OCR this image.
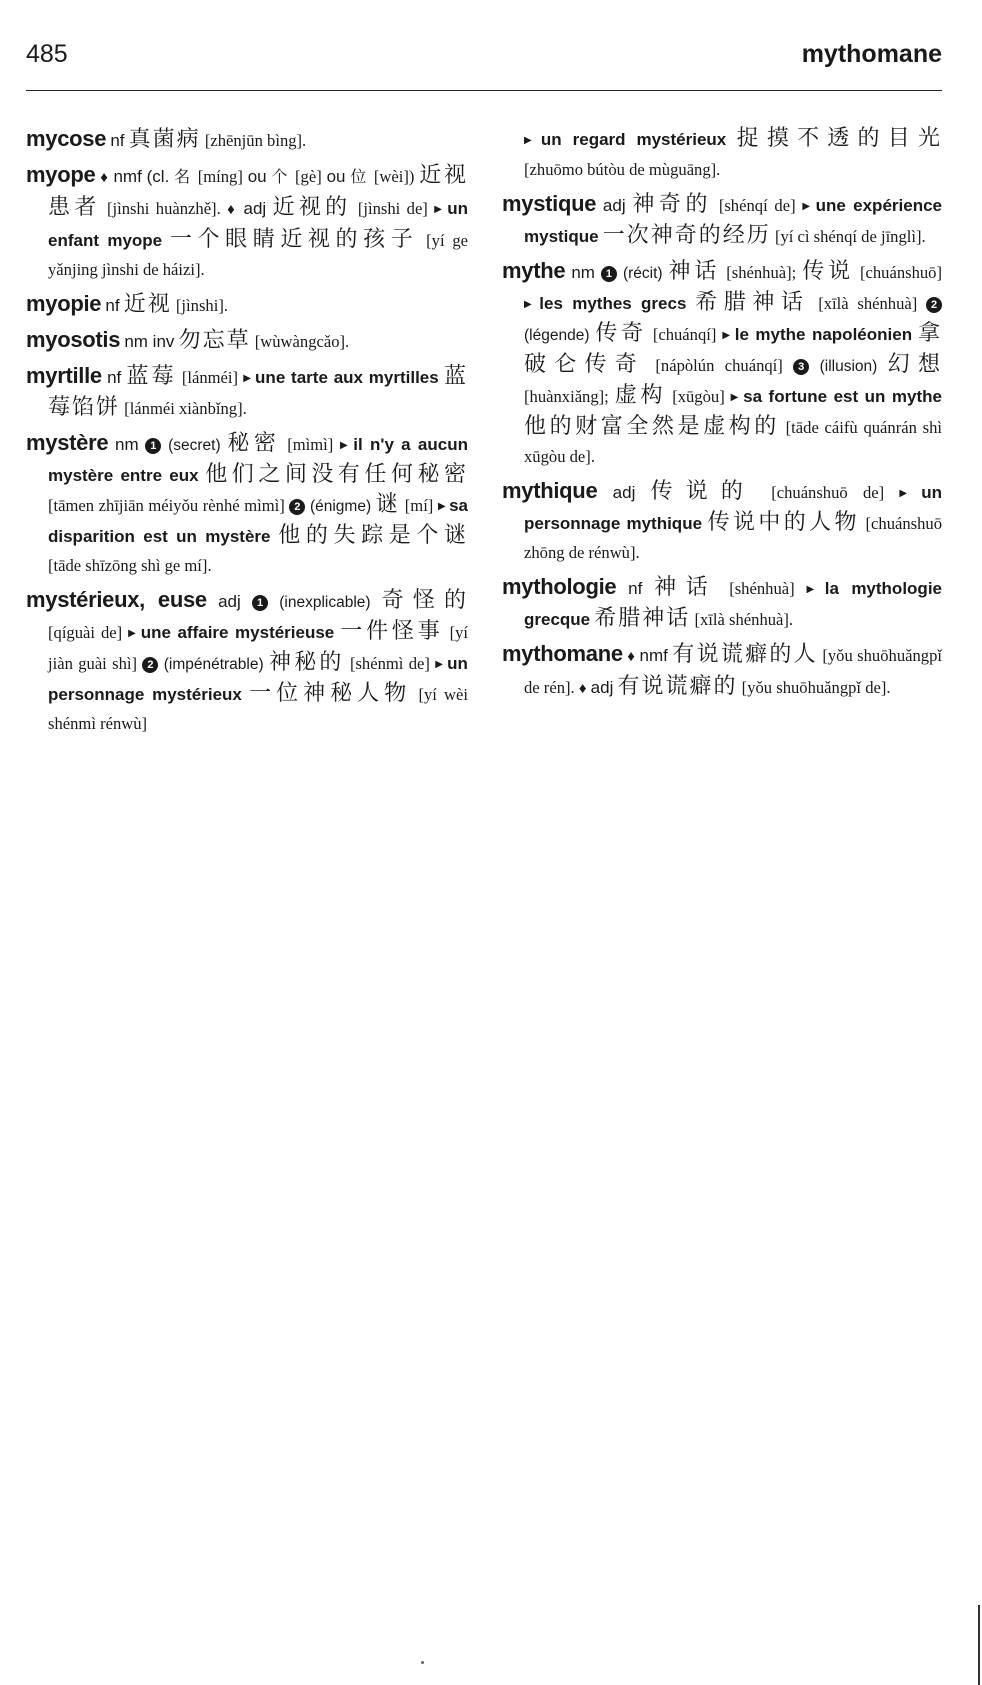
485	mythomane

mycose nf 真菌病 [zhēnjūn bìng].

myope ♦ nmf (cl. 名 [míng] ou 个 [gè] ou 位 [wèi]) 近视患者 [jìnshi huànzhě]. ♦ adj 近视的 [jìnshi de] ▶ un enfant myope 一个眼睛近视的孩子 [yí ge yǎnjing jìnshi de háizi].

myopie nf 近视 [jìnshi].

myosotis nm inv 勿忘草 [wùwàngcǎo].

myrtille nf 蓝莓 [lánméi] ▶ une tarte aux myrtilles 蓝莓馅饼 [lánméi xiànbǐng].

mystère nm 1 (secret) 秘密 [mìmì] ▶ il n'y a aucun mystère entre eux 他们之间没有任何秘密 [tāmen zhījiān méiyǒu rènhé mìmì] 2 (énigme) 谜 [mí] ▶ sa disparition est un mystère 他的失踪是个谜 [tāde shīzōng shì ge mí].

mystérieux, euse adj 1 (inexplicable) 奇怪的 [qíguài de] ▶ une affaire mystérieuse 一件怪事 [yí jiàn guài shì] 2 (impénétrable) 神秘的 [shénmì de] ▶ un personnage mystérieux 一位神秘人物 [yí wèi shénmì rénwù]

▶ un regard mystérieux 捉摸不透的目光 [zhuōmo bútòu de mùguāng].

mystique adj 神奇的 [shénqí de] ▶ une expérience mystique 一次神奇的经历 [yí cì shénqí de jīnglì].

mythe nm 1 (récit) 神话 [shénhuà]; 传说 [chuánshuō] ▶ les mythes grecs 希腊神话 [xīlà shénhuà] 2 (légende) 传奇 [chuánqí] ▶ le mythe napoléonien 拿破仑传奇 [nápòlún chuánqí] 3 (illusion) 幻想 [huànxiǎng]; 虚构 [xūgòu] ▶ sa fortune est un mythe 他的财富全然是虚构的 [tāde cáifù quánrán shì xūgòu de].

mythique adj 传说的 [chuánshuō de] ▶ un personnage mythique 传说中的人物 [chuánshuō zhōng de rénwù].

mythologie nf 神话 [shénhuà] ▶ la mythologie grecque 希腊神话 [xīlà shénhuà].

mythomane ♦ nmf 有说谎癖的人 [yǒu shuōhuǎngpǐ de rén]. ♦ adj 有说谎癖的 [yǒu shuōhuǎngpǐ de].
